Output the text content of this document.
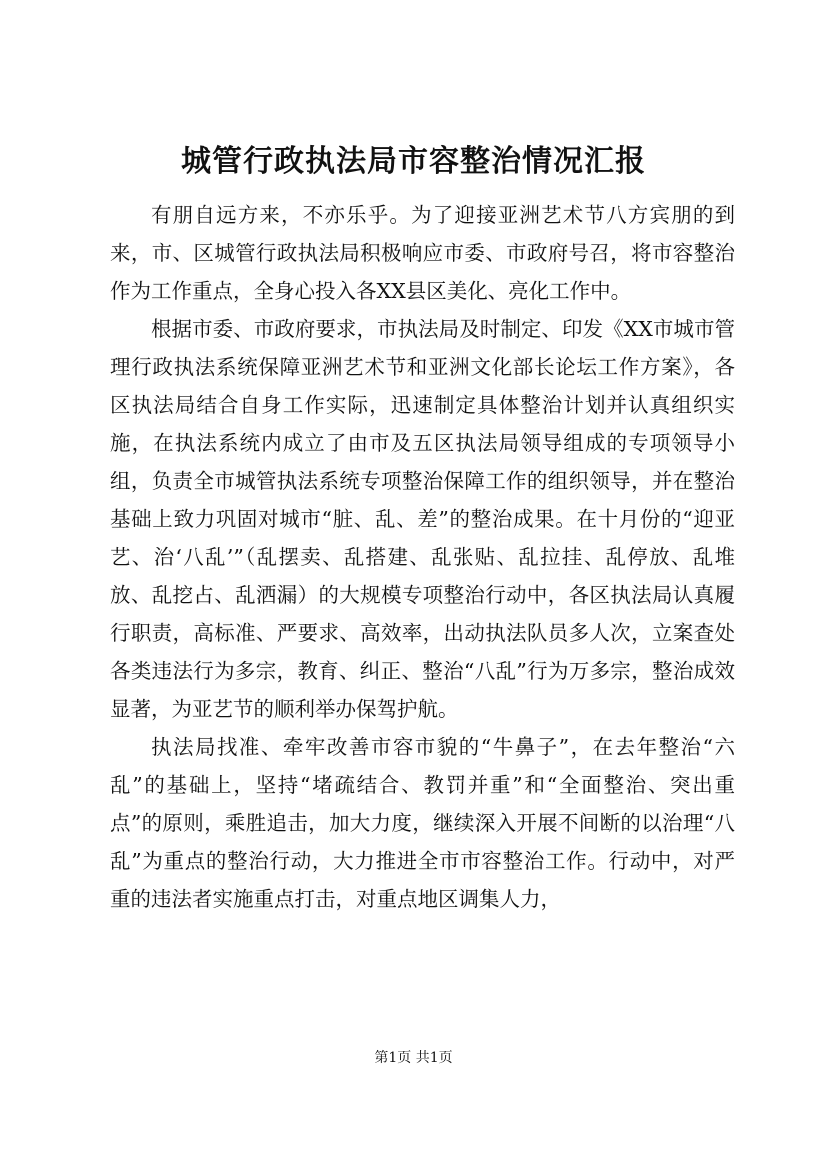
城管行政执法局市容整治情况汇报

有朋自远方来，不亦乐乎。为了迎接亚洲艺术节八方宾朋的到来，市、区城管行政执法局积极响应市委、市政府号召，将市容整治作为工作重点，全身心投入各XX县区美化、亮化工作中。

根据市委、市政府要求，市执法局及时制定、印发《XX市城市管理行政执法系统保障亚洲艺术节和亚洲文化部长论坛工作方案》，各区执法局结合自身工作实际，迅速制定具体整治计划并认真组织实施，在执法系统内成立了由市及五区执法局领导组成的专项领导小组，负责全市城管执法系统专项整治保障工作的组织领导，并在整治基础上致力巩固对城市“脏、乱、差”的整治成果。在十月份的“迎亚艺、治‘八乱’”（乱摆卖、乱搭建、乱张贴、乱拉挂、乱停放、乱堆放、乱挖占、乱洒漏）的大规模专项整治行动中，各区执法局认真履行职责，高标准、严要求、高效率，出动执法队员多人次，立案查处各类违法行为多宗，教育、纠正、整治“八乱”行为万多宗，整治成效显著，为亚艺节的顺利举办保驾护航。

执法局找准、牵牢改善市容市貌的“牛鼻子”，在去年整治“六乱”的基础上，坚持“堵疏结合、教罚并重”和“全面整治、突出重点”的原则，乘胜追击，加大力度，继续深入开展不间断的以治理“八乱”为重点的整治行动，大力推进全市市容整治工作。行动中，对严重的违法者实施重点打击，对重点地区调集人力，

第1页 共1页
